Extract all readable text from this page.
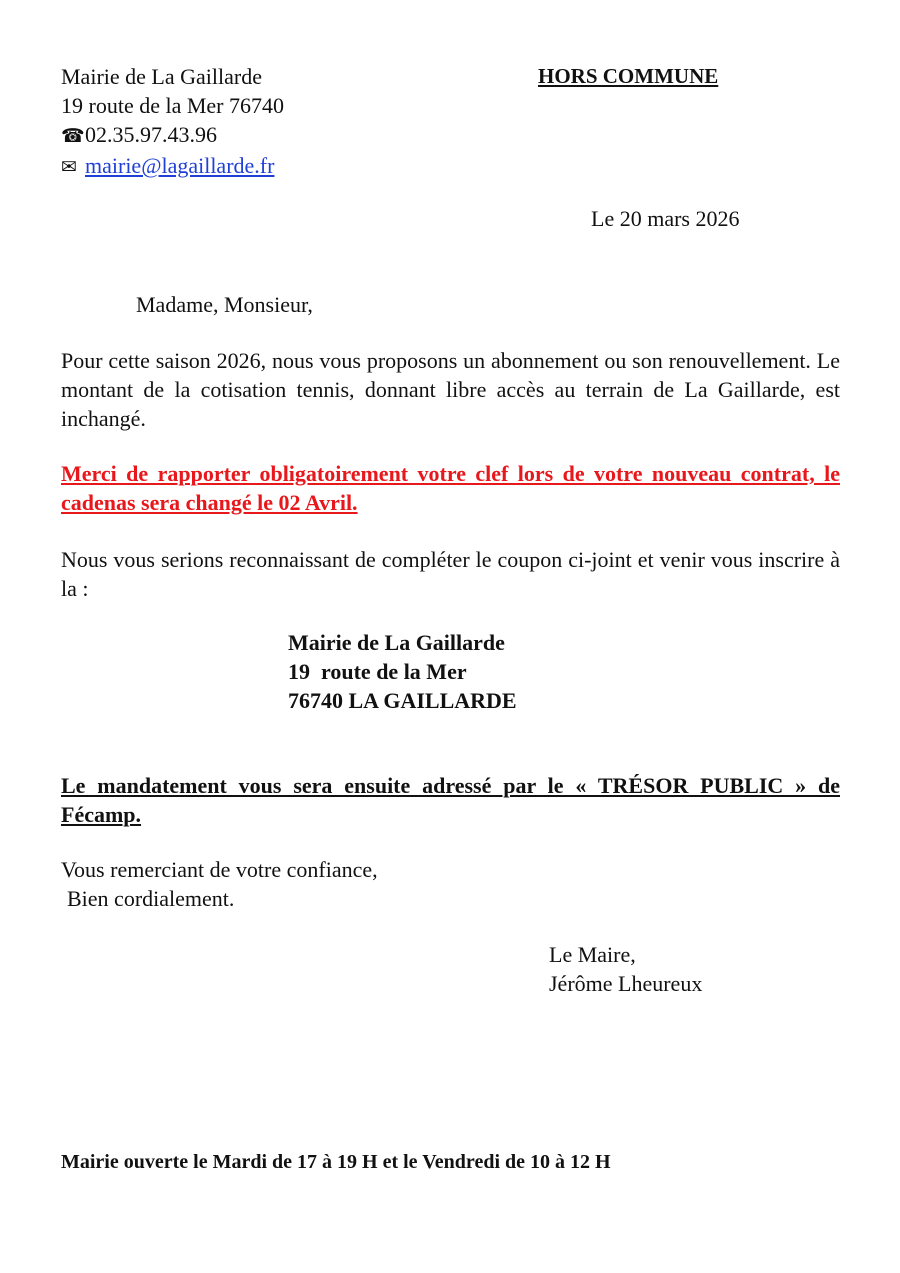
Mairie de La Gaillarde
19 route de la Mer 76740
☎02.35.97.43.96
✉ mairie@lagaillarde.fr
HORS COMMUNE
Le 20 mars 2026
Madame, Monsieur,

Pour cette saison 2026, nous vous proposons un abonnement ou son renouvellement. Le montant de la cotisation tennis, donnant libre accès au terrain de La Gaillarde, est inchangé.

Merci de rapporter obligatoirement votre clef lors de votre nouveau contrat, le cadenas sera changé le 02 Avril.

Nous vous serions reconnaissant de compléter le coupon ci-joint et venir vous inscrire à la :

Mairie de La Gaillarde
19  route de la Mer
76740 LA GAILLARDE

Le mandatement vous sera ensuite adressé par le « TRÉSOR PUBLIC » de Fécamp.

Vous remerciant de votre confiance,
Bien cordialement.
Le Maire,
Jérôme Lheureux
Mairie ouverte le Mardi de 17 à 19 H et le Vendredi de 10 à 12 H
